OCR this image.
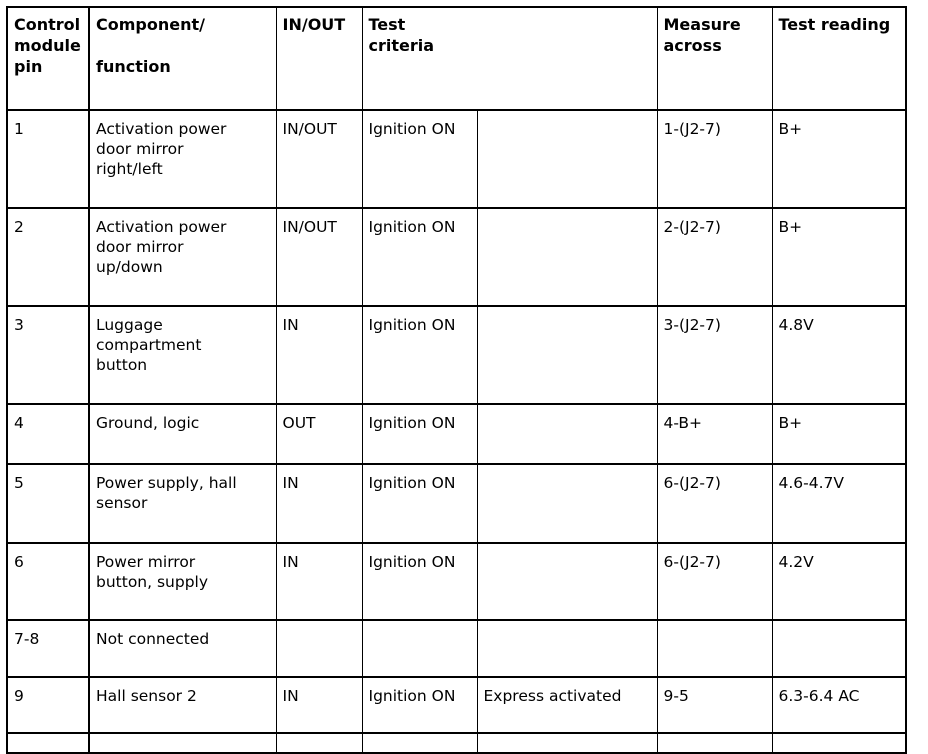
Control
module
pin	Component/
function	IN/OUT	Test
criteria		Measure
across	Test reading
1	Activation power
door mirror
right/left	IN/OUT	Ignition ON		1-(J2-7)	B+
2	Activation power
door mirror
up/down	IN/OUT	Ignition ON		2-(J2-7)	B+
3	Luggage
compartment
button	IN	Ignition ON		3-(J2-7)	4.8V
4	Ground, logic	OUT	Ignition ON		4-B+	B+
5	Power supply, hall
sensor	IN	Ignition ON		6-(J2-7)	4.6-4.7V
6	Power mirror
button, supply	IN	Ignition ON		6-(J2-7)	4.2V
7-8	Not connected					
9	Hall sensor 2	IN	Ignition ON	Express activated	9-5	6.3-6.4 AC
